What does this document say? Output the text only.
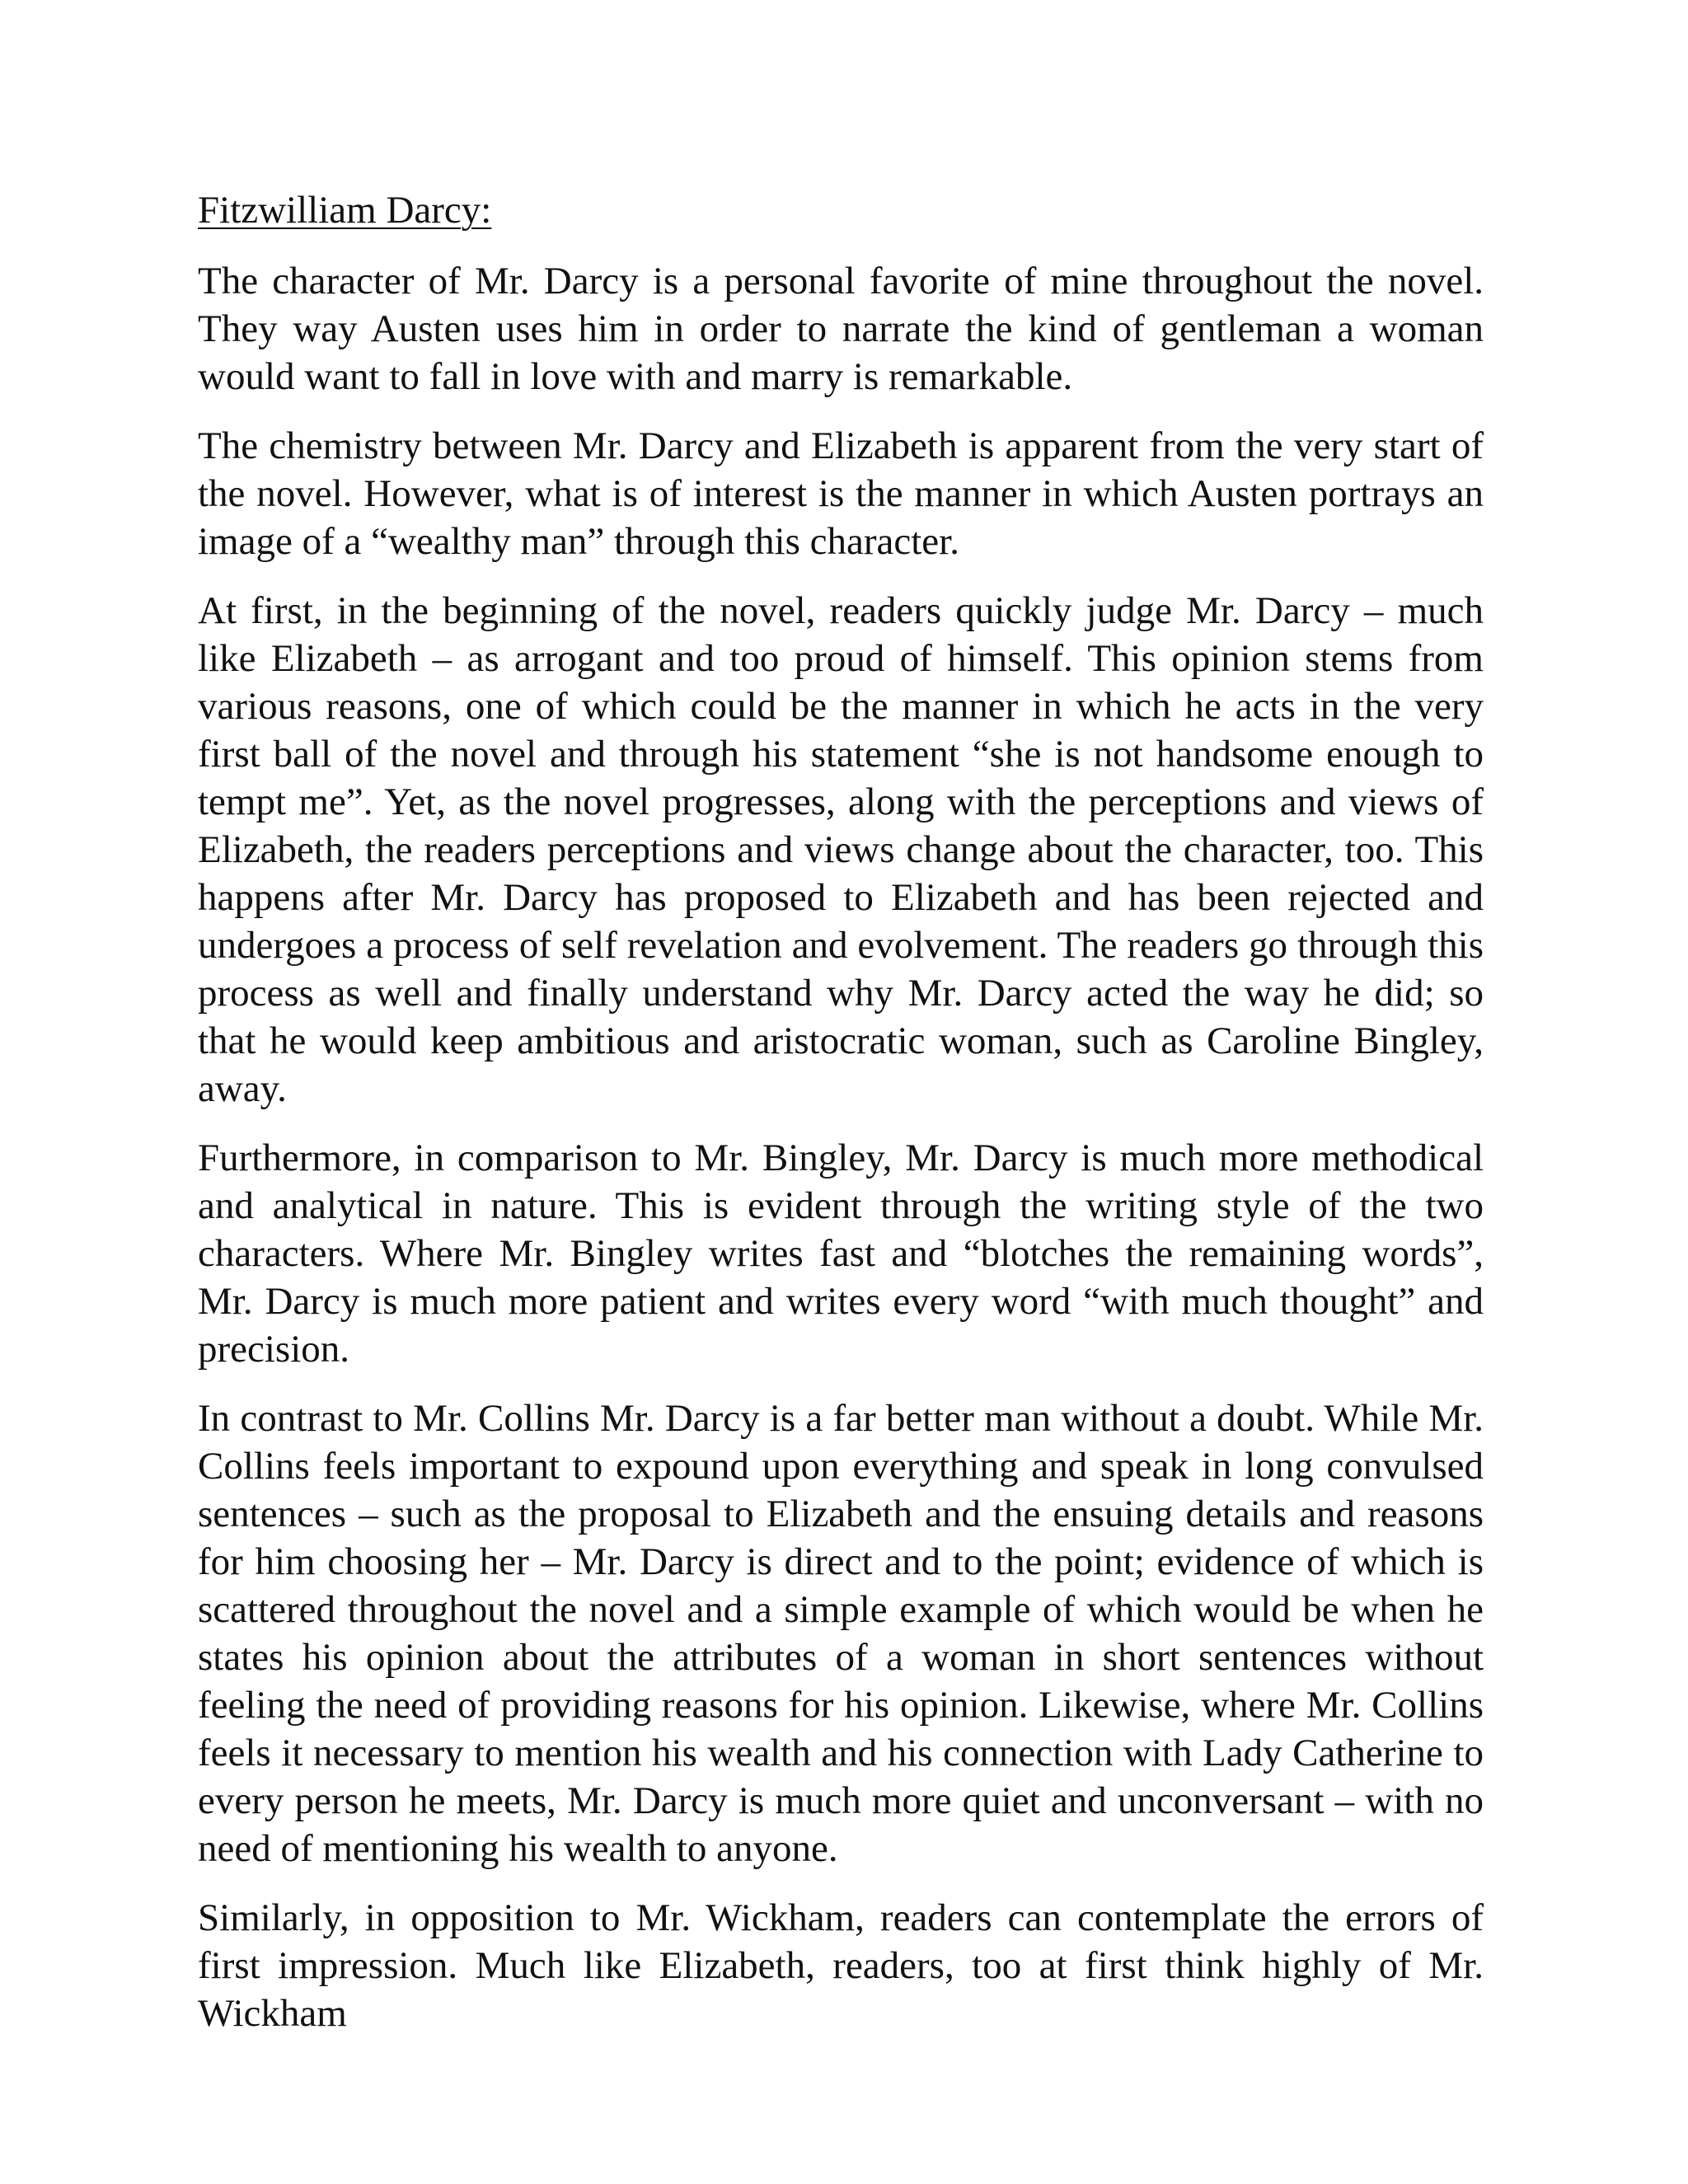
Fitzwilliam Darcy:

The character of Mr. Darcy is a personal favorite of mine throughout the novel. They way Austen uses him in order to narrate the kind of gentleman a woman would want to fall in love with and marry is remarkable.

The chemistry between Mr. Darcy and Elizabeth is apparent from the very start of the novel. However, what is of interest is the manner in which Austen portrays an image of a “wealthy man” through this character.

At first, in the beginning of the novel, readers quickly judge Mr. Darcy – much like Elizabeth – as arrogant and too proud of himself. This opinion stems from various reasons, one of which could be the manner in which he acts in the very first ball of the novel and through his statement “she is not handsome enough to tempt me”. Yet, as the novel progresses, along with the perceptions and views of Elizabeth, the readers perceptions and views change about the character, too. This happens after Mr. Darcy has proposed to Elizabeth and has been rejected and undergoes a process of self revelation and evolvement. The readers go through this process as well and finally understand why Mr. Darcy acted the way he did; so that he would keep ambitious and aristocratic woman, such as Caroline Bingley, away.

Furthermore, in comparison to Mr. Bingley, Mr. Darcy is much more methodical and analytical in nature. This is evident through the writing style of the two characters. Where Mr. Bingley writes fast and “blotches the remaining words”, Mr. Darcy is much more patient and writes every word “with much thought” and precision.

In contrast to Mr. Collins Mr. Darcy is a far better man without a doubt. While Mr. Collins feels important to expound upon everything and speak in long convulsed sentences – such as the proposal to Elizabeth and the ensuing details and reasons for him choosing her – Mr. Darcy is direct and to the point; evidence of which is scattered throughout the novel and a simple example of which would be when he states his opinion about the attributes of a woman in short sentences without feeling the need of providing reasons for his opinion. Likewise, where Mr. Collins feels it necessary to mention his wealth and his connection with Lady Catherine to every person he meets, Mr. Darcy is much more quiet and unconversant – with no need of mentioning his wealth to anyone.

Similarly, in opposition to Mr. Wickham, readers can contemplate the errors of first impression. Much like Elizabeth, readers, too at first think highly of Mr. Wickham
